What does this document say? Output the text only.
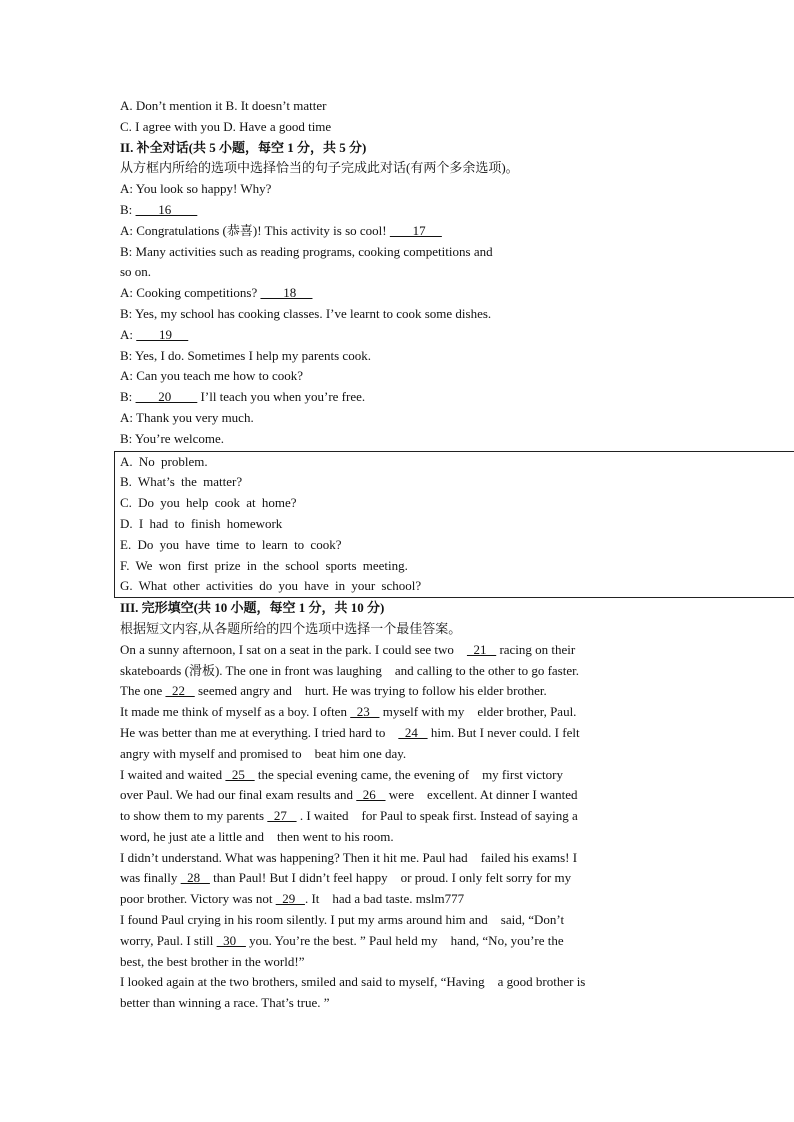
A. Don’t mention it B. It doesn’t matter
C. I agree with you D. Have a good time
II. 补全对话(共 5 小题，每空 1 分，共 5 分)
从方框内所给的选项中选择恰当的句子完成此对话(有两个多余选项)。
A: You look so happy! Why?
B:        16
A: Congratulations (恭喜)! This activity is so cool!        17
B: Many activities such as reading programs, cooking competitions and
so on.
A: Cooking competitions?        18
B: Yes, my school has cooking classes. I’ve learnt to cook some dishes.
A:        19
B: Yes, I do. Sometimes I help my parents cook.
A: Can you teach me how to cook?
B:        20         I’ll teach you when you’re free.
A: Thank you very much.
B: You’re welcome.
A. No problem.
B. What’s the matter?
C. Do you help cook at home?
D. I had to finish homework
E. Do you have time to learn to cook?
F. We won first prize in the school sports meeting.
G. What other activities do you have in your school?
III. 完形填空(共 10 小题，每空 1 分，共 10 分)
根据短文内容,从各题所给的四个选项中选择一个最佳答案。
On a sunny afternoon, I sat on a seat in the park. I could see two      21    racing on their
skateboards (滑板). The one in front was laughing    and calling to the other to go faster.
The one   22    seemed angry and    hurt. He was trying to follow his elder brother.
It made me think of myself as a boy. I often   23    myself with my    elder brother, Paul.
He was better than me at everything. I tried hard to      24    him. But I never could. I felt
angry with myself and promised to    beat him one day.
I waited and waited   25    the special evening came, the evening of    my first victory
over Paul. We had our final exam results and   26    were    excellent. At dinner I wanted
to show them to my parents   27    . I waited    for Paul to speak first. Instead of saying a
word, he just ate a little and    then went to his room.
I didn’t understand. What was happening? Then it hit me. Paul had    failed his exams! I
was finally   28    than Paul! But I didn’t feel happy    or proud. I only felt sorry for my
poor brother. Victory was not   29   . It    had a bad taste. mslm777
I found Paul crying in his room silently. I put my arms around him and    said, “Don’t
worry, Paul. I still   30    you. You’re the best. ” Paul held my    hand, “No, you’re the
best, the best brother in the world!”
I looked again at the two brothers, smiled and said to myself, “Having    a good brother is
better than winning a race. That’s true. ”
